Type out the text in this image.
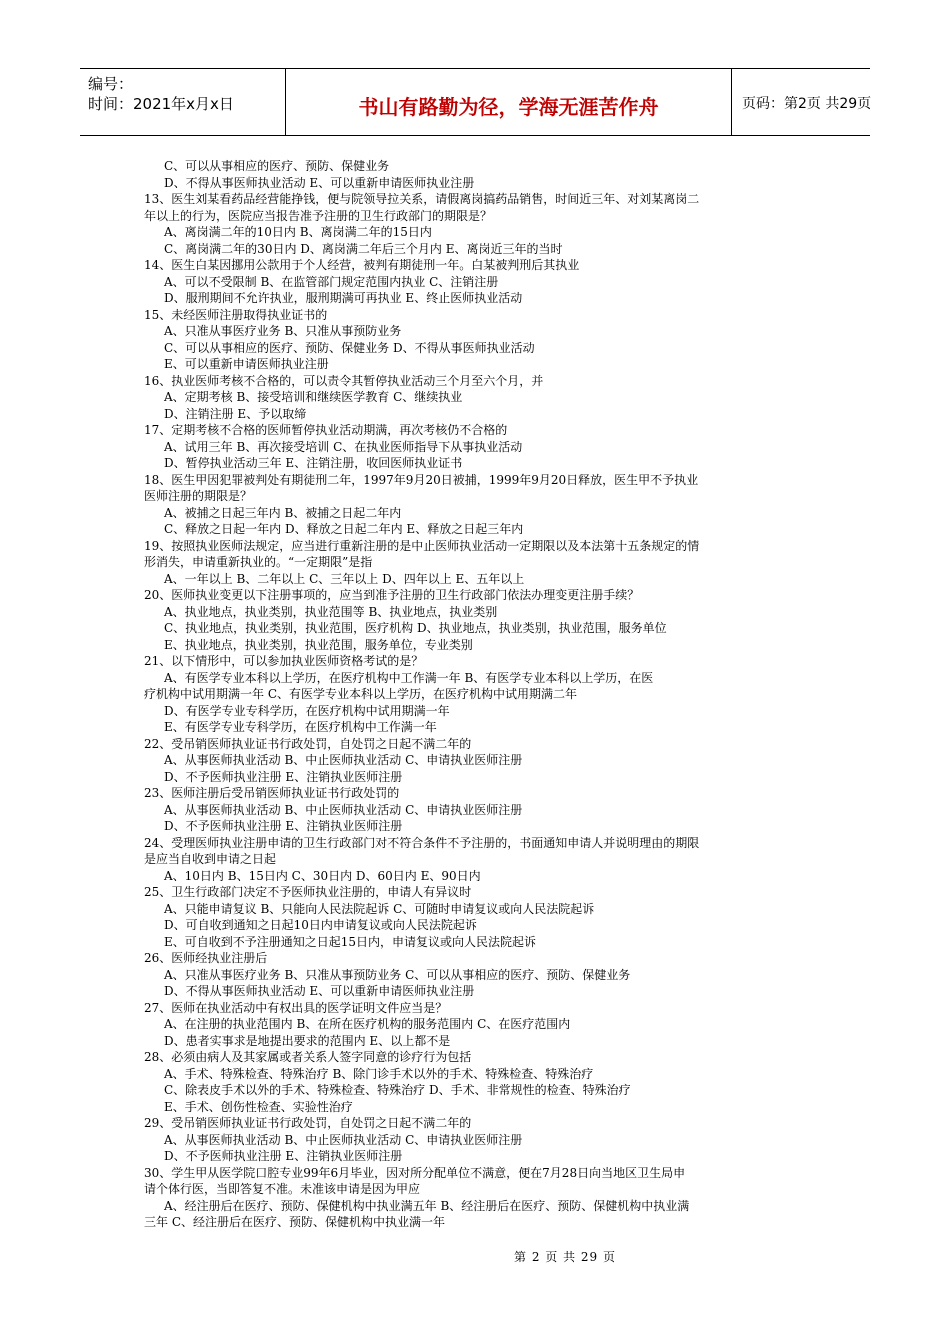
编号：
时间：2021年x月x日	书山有路勤为径，学海无涯苦作舟	页码：第2页 共29页
C、可以从事相应的医疗、预防、保健业务
D、不得从事医师执业活动 E、可以重新申请医师执业注册
13、医生刘某看药品经营能挣钱，便与院领导拉关系，请假离岗搞药品销售，时间近三年、对刘某离岗二
年以上的行为，医院应当报告准予注册的卫生行政部门的期限是？
A、离岗满二年的10日内 B、离岗满二年的15日内
C、离岗满二年的30日内 D、离岗满二年后三个月内 E、离岗近三年的当时
14、医生白某因挪用公款用于个人经营，被判有期徒刑一年。白某被判刑后其执业
A、可以不受限制 B、在监管部门规定范围内执业 C、注销注册
D、服刑期间不允许执业，服刑期满可再执业 E、终止医师执业活动
15、未经医师注册取得执业证书的
A、只准从事医疗业务 B、只准从事预防业务
C、可以从事相应的医疗、预防、保健业务 D、不得从事医师执业活动
E、可以重新申请医师执业注册
16、执业医师考核不合格的，可以责令其暂停执业活动三个月至六个月，并
A、定期考核 B、接受培训和继续医学教育 C、继续执业
D、注销注册 E、予以取缔
17、定期考核不合格的医师暂停执业活动期满，再次考核仍不合格的
A、试用三年 B、再次接受培训 C、在执业医师指导下从事执业活动
D、暂停执业活动三年 E、注销注册，收回医师执业证书
18、医生甲因犯罪被判处有期徒刑二年，1997年9月20日被捕，1999年9月20日释放，医生甲不予执业
医师注册的期限是？
A、被捕之日起三年内 B、被捕之日起二年内
C、释放之日起一年内 D、释放之日起二年内 E、释放之日起三年内
19、按照执业医师法规定，应当进行重新注册的是中止医师执业活动一定期限以及本法第十五条规定的情
形消失，申请重新执业的。“一定期限”是指
A、一年以上 B、二年以上 C、三年以上 D、四年以上 E、五年以上
20、医师执业变更以下注册事项的，应当到准予注册的卫生行政部门依法办理变更注册手续？
A、执业地点，执业类别，执业范围等 B、执业地点，执业类别
C、执业地点，执业类别，执业范围，医疗机构 D、执业地点，执业类别，执业范围，服务单位
E、执业地点，执业类别，执业范围，服务单位，专业类别
21、以下情形中，可以参加执业医师资格考试的是？
A、有医学专业本科以上学历，在医疗机构中工作满一年 B、有医学专业本科以上学历，在医
疗机构中试用期满一年 C、有医学专业本科以上学历，在医疗机构中试用期满二年
D、有医学专业专科学历，在医疗机构中试用期满一年
E、有医学专业专科学历，在医疗机构中工作满一年
22、受吊销医师执业证书行政处罚，自处罚之日起不满二年的
A、从事医师执业活动 B、中止医师执业活动 C、申请执业医师注册
D、不予医师执业注册 E、注销执业医师注册
23、医师注册后受吊销医师执业证书行政处罚的
A、从事医师执业活动 B、中止医师执业活动 C、申请执业医师注册
D、不予医师执业注册 E、注销执业医师注册
24、受理医师执业注册申请的卫生行政部门对不符合条件不予注册的，书面通知申请人并说明理由的期限
是应当自收到申请之日起
A、10日内 B、15日内 C、30日内 D、60日内 E、90日内
25、卫生行政部门决定不予医师执业注册的，申请人有异议时
A、只能申请复议 B、只能向人民法院起诉 C、可随时申请复议或向人民法院起诉
D、可自收到通知之日起10日内申请复议或向人民法院起诉
E、可自收到不予注册通知之日起15日内，申请复议或向人民法院起诉
26、医师经执业注册后
A、只准从事医疗业务 B、只准从事预防业务 C、可以从事相应的医疗、预防、保健业务
D、不得从事医师执业活动 E、可以重新申请医师执业注册
27、医师在执业活动中有权出具的医学证明文件应当是？
A、在注册的执业范围内 B、在所在医疗机构的服务范围内 C、在医疗范围内
D、患者实事求是地提出要求的范围内 E、以上都不是
28、必须由病人及其家属或者关系人签字同意的诊疗行为包括
A、手术、特殊检查、特殊治疗 B、除门诊手术以外的手术、特殊检查、特殊治疗
C、除表皮手术以外的手术、特殊检查、特殊治疗 D、手术、非常规性的检查、特殊治疗
E、手术、创伤性检查、实验性治疗
29、受吊销医师执业证书行政处罚，自处罚之日起不满二年的
A、从事医师执业活动 B、中止医师执业活动 C、申请执业医师注册
D、不予医师执业注册 E、注销执业医师注册
30、学生甲从医学院口腔专业99年6月毕业，因对所分配单位不满意，便在7月28日向当地区卫生局申
请个体行医，当即答复不准。未准该申请是因为甲应
A、经注册后在医疗、预防、保健机构中执业满五年 B、经注册后在医疗、预防、保健机构中执业满
三年 C、经注册后在医疗、预防、保健机构中执业满一年
第 2 页 共 29 页
